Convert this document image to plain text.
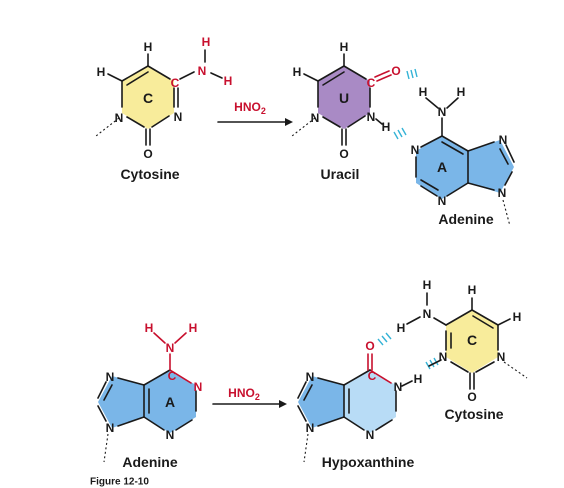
H
H
C
N
H
H
N
N
O
C
Cytosine
$HNO_2$
H
H
C
O
N
H
N
O
U
Uracil
H H
N
N
N
N
N
A
Adenine
H	H
N
C
N
N
N
N
A
Adenine
$HNO_2$
O
C
N
H
N
N
N
Hypoxanthine
H
H
H
N
H
N	N
O
C
Cytosine
Figure 12-10
